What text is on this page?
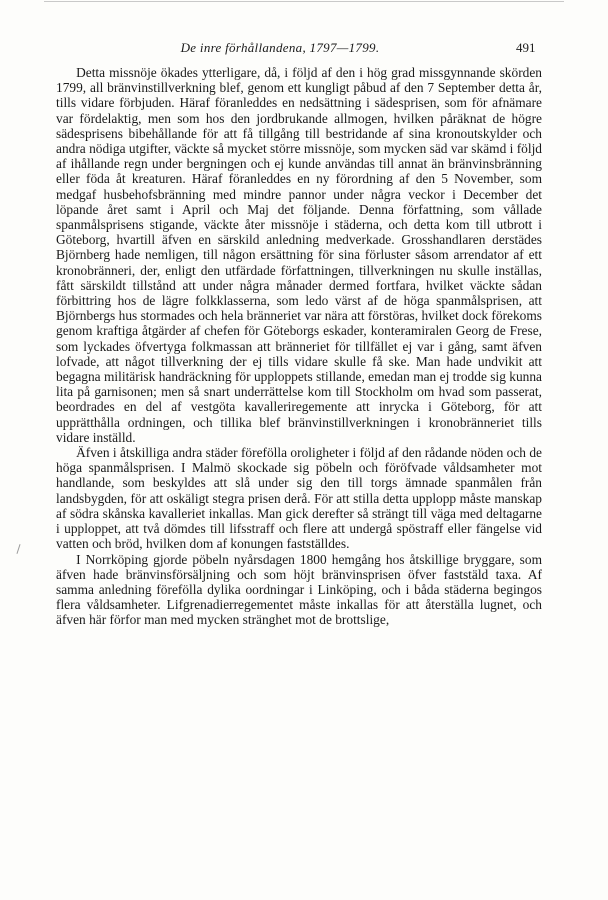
De inre förhållandena, 1797—1799.	491

Detta missnöje ökades ytterligare, då, i följd af den i hög grad missgynnande skörden 1799, all bränvinstillverkning blef, genom ett kungligt påbud af den 7 September detta år, tills vidare förbjuden. Häraf föranleddes en nedsättning i sädesprisen, som för afnämare var fördelaktig, men som hos den jordbrukande allmogen, hvilken påräknat de högre sädesprisens bibehållande för att få tillgång till bestridande af sina kronoutskylder och andra nödiga utgifter, väckte så mycket större missnöje, som mycken säd var skämd i följd af ihållande regn under bergningen och ej kunde användas till annat än bränvinsbränning eller föda åt kreaturen. Häraf föranleddes en ny förordning af den 5 November, som medgaf husbehofsbränning med mindre pannor under några veckor i December det löpande året samt i April och Maj det följande. Denna författning, som vållade spanmålsprisens stigande, väckte åter missnöje i städerna, och detta kom till utbrott i Göteborg, hvartill äfven en särskild anledning medverkade. Grosshandlaren derstädes Björnberg hade nemligen, till någon ersättning för sina förluster såsom arrendator af ett kronobränneri, der, enligt den utfärdade författningen, tillverkningen nu skulle inställas, fått särskildt tillstånd att under några månader dermed fortfara, hvilket väckte sådan förbittring hos de lägre folkklasserna, som ledo värst af de höga spanmålsprisen, att Björnbergs hus stormades och hela bränneriet var nära att förstöras, hvilket dock förekoms genom kraftiga åtgärder af chefen för Göteborgs eskader, konteramiralen Georg de Frese, som lyckades öfvertyga folkmassan att bränneriet för tillfället ej var i gång, samt äfven lofvade, att något tillverkning der ej tills vidare skulle få ske. Man hade undvikit att begagna militärisk handräckning för upploppets stillande, emedan man ej trodde sig kunna lita på garnisonen; men så snart underrättelse kom till Stockholm om hvad som passerat, beordrades en del af vestgöta kavalleriregemente att inrycka i Göteborg, för att upprätthålla ordningen, och tillika blef bränvinstillverkningen i kronobränneriet tills vidare inställd.

Äfven i åtskilliga andra städer förefölla oroligheter i följd af den rådande nöden och de höga spanmålsprisen. I Malmö skockade sig pöbeln och föröfvade våldsamheter mot handlande, som beskyldes att slå under sig den till torgs ämnade spanmålen från landsbygden, för att oskäligt stegra prisen derå. För att stilla detta upplopp måste manskap af södra skånska kavalleriet inkallas. Man gick derefter så strängt till väga med deltagarne i upploppet, att två dömdes till lifsstraff och flere att undergå spöstraff eller fängelse vid vatten och bröd, hvilken dom af konungen fastställdes.

I Norrköping gjorde pöbeln nyårsdagen 1800 hemgång hos åtskillige bryggare, som äfven hade bränvinsförsäljning och som höjt bränvinsprisen öfver faststäld taxa. Af samma anledning förefölla dylika oordningar i Linköping, och i båda städerna begingos flera våldsamheter. Lifgrenadierregementet måste inkallas för att återställa lugnet, och äfven här förfor man med mycken stränghet mot de brottslige,
